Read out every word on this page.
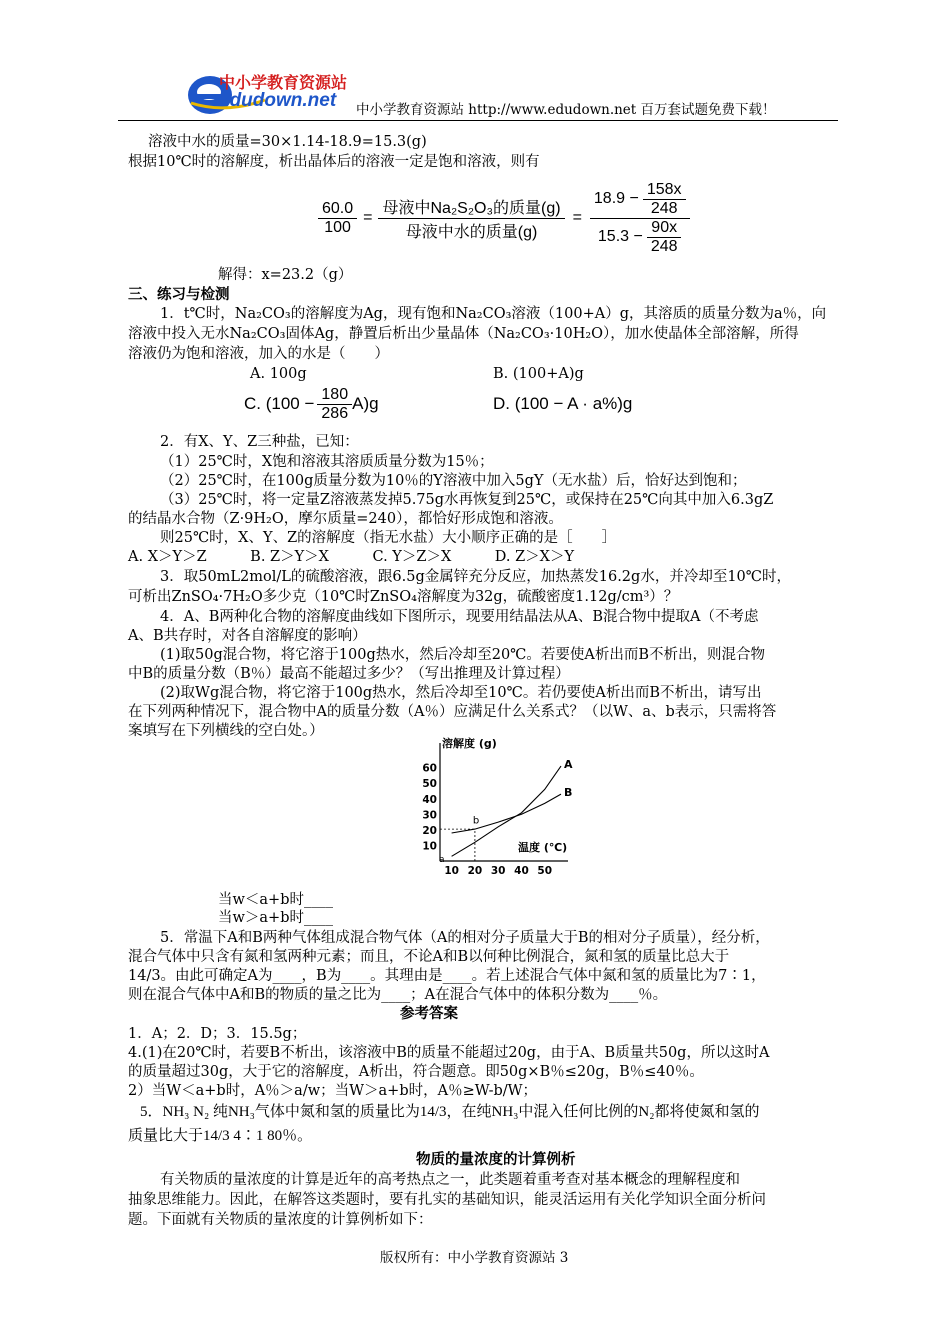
中小学教育资源站
edudown.net 中小学教育资源站 http://www.edudown.net 百万套试题免费下载！
溶液中水的质量=30×1.14-18.9=15.3(g)
根据10℃时的溶解度，析出晶体后的溶液一定是饱和溶液，则有
$\frac{60.0}{100} = \frac{\text{母液中Na₂S₂O₃的质量(g)}}{\text{母液中水的质量(g)}} = \frac{18.9 - \frac{158x}{248}}{15.3 - \frac{90x}{248}}$
解得：x=23.2（g）
三、练习与检测
1．t℃时，Na₂CO₃的溶解度为Ag，现有饱和Na₂CO₃溶液（100+A）g，其溶质的质量分数为a％，向
溶液中投入无水Na₂CO₃固体Ag，静置后析出少量晶体（Na₂CO₃·10H₂O），加水使晶体全部溶解，所得
溶液仍为饱和溶液，加入的水是（　　）
A. 100g	B. (100+A)g
C. $(100 - \frac{180}{286} A)g$	D. (100 − A · a%)g
2．有X、Y、Z三种盐，已知：
（1）25℃时，X饱和溶液其溶质质量分数为15％；
（2）25℃时，在100g质量分数为10％的Y溶液中加入5gY（无水盐）后，恰好达到饱和；
（3）25℃时，将一定量Z溶液蒸发掉5.75g水再恢复到25℃，或保持在25℃向其中加入6.3gZ
的结晶水合物（Z·9H₂O，摩尔质量=240），都恰好形成饱和溶液。
则25℃时，X、Y、Z的溶解度（指无水盐）大小顺序正确的是［　　］
A. X＞Y＞Z　　　B. Z＞Y＞X　　　C. Y＞Z＞X　　　D. Z＞X＞Y
3．取50mL2mol/L的硫酸溶液，跟6.5g金属锌充分反应，加热蒸发16.2g水，并冷却至10℃时，
可析出ZnSO₄·7H₂O多少克（10℃时ZnSO₄溶解度为32g，硫酸密度1.12g/cm³）？
4．A、B两种化合物的溶解度曲线如下图所示，现要用结晶法从A、B混合物中提取A（不考虑
A、B共存时，对各自溶解度的影响）
(1)取50g混合物，将它溶于100g热水，然后冷却至20℃。若要使A析出而B不析出，则混合物
中B的质量分数（B％）最高不能超过多少？（写出推理及计算过程）
(2)取Wg混合物，将它溶于100g热水，然后冷却至10℃。若仍要使A析出而B不析出，请写出
在下列两种情况下，混合物中A的质量分数（A％）应满足什么关系式？（以W、a、b表示，只需将答
案填写在下列横线的空白处。）
溶解度 (g)
温度 (℃)
10
20
30
40
50
60
10 20 30 40 50
A
B
a
b
当w＜a+b时____
当w＞a+b时____
5．常温下A和B两种气体组成混合物气体（A的相对分子质量大于B的相对分子质量），经分析，
混合气体中只含有氮和氢两种元素；而且，不论A和B以何种比例混合，氮和氢的质量比总大于
14/3。由此可确定A为____，B为____。其理由是____。若上述混合气体中氮和氢的质量比为7∶1，
则在混合气体中A和B的物质的量之比为____；A在混合气体中的体积分数为____％。
参考答案
1．A；2．D；3．15.5g；
4.(1)在20℃时，若要B不析出，该溶液中B的质量不能超过20g，由于A、B质量共50g，所以这时A
的质量超过30g，大于它的溶解度，A析出，符合题意。即50g×B％≤20g，B％≤40％。
2）当W＜a+b时，A％＞a/w；当W＞a+b时，A％≥W-b/W；
5．NH₃ N₂ 纯NH₃气体中氮和氢的质量比为14/3，在纯NH₃中混入任何比例的N₂都将使氮和氢的
质量比大于14/3 4∶1 80％。
物质的量浓度的计算例析
有关物质的量浓度的计算是近年的高考热点之一，此类题着重考查对基本概念的理解程度和
抽象思维能力。因此，在解答这类题时，要有扎实的基础知识，能灵活运用有关化学知识全面分析问
题。下面就有关物质的量浓度的计算例析如下：
版权所有：中小学教育资源站 3
